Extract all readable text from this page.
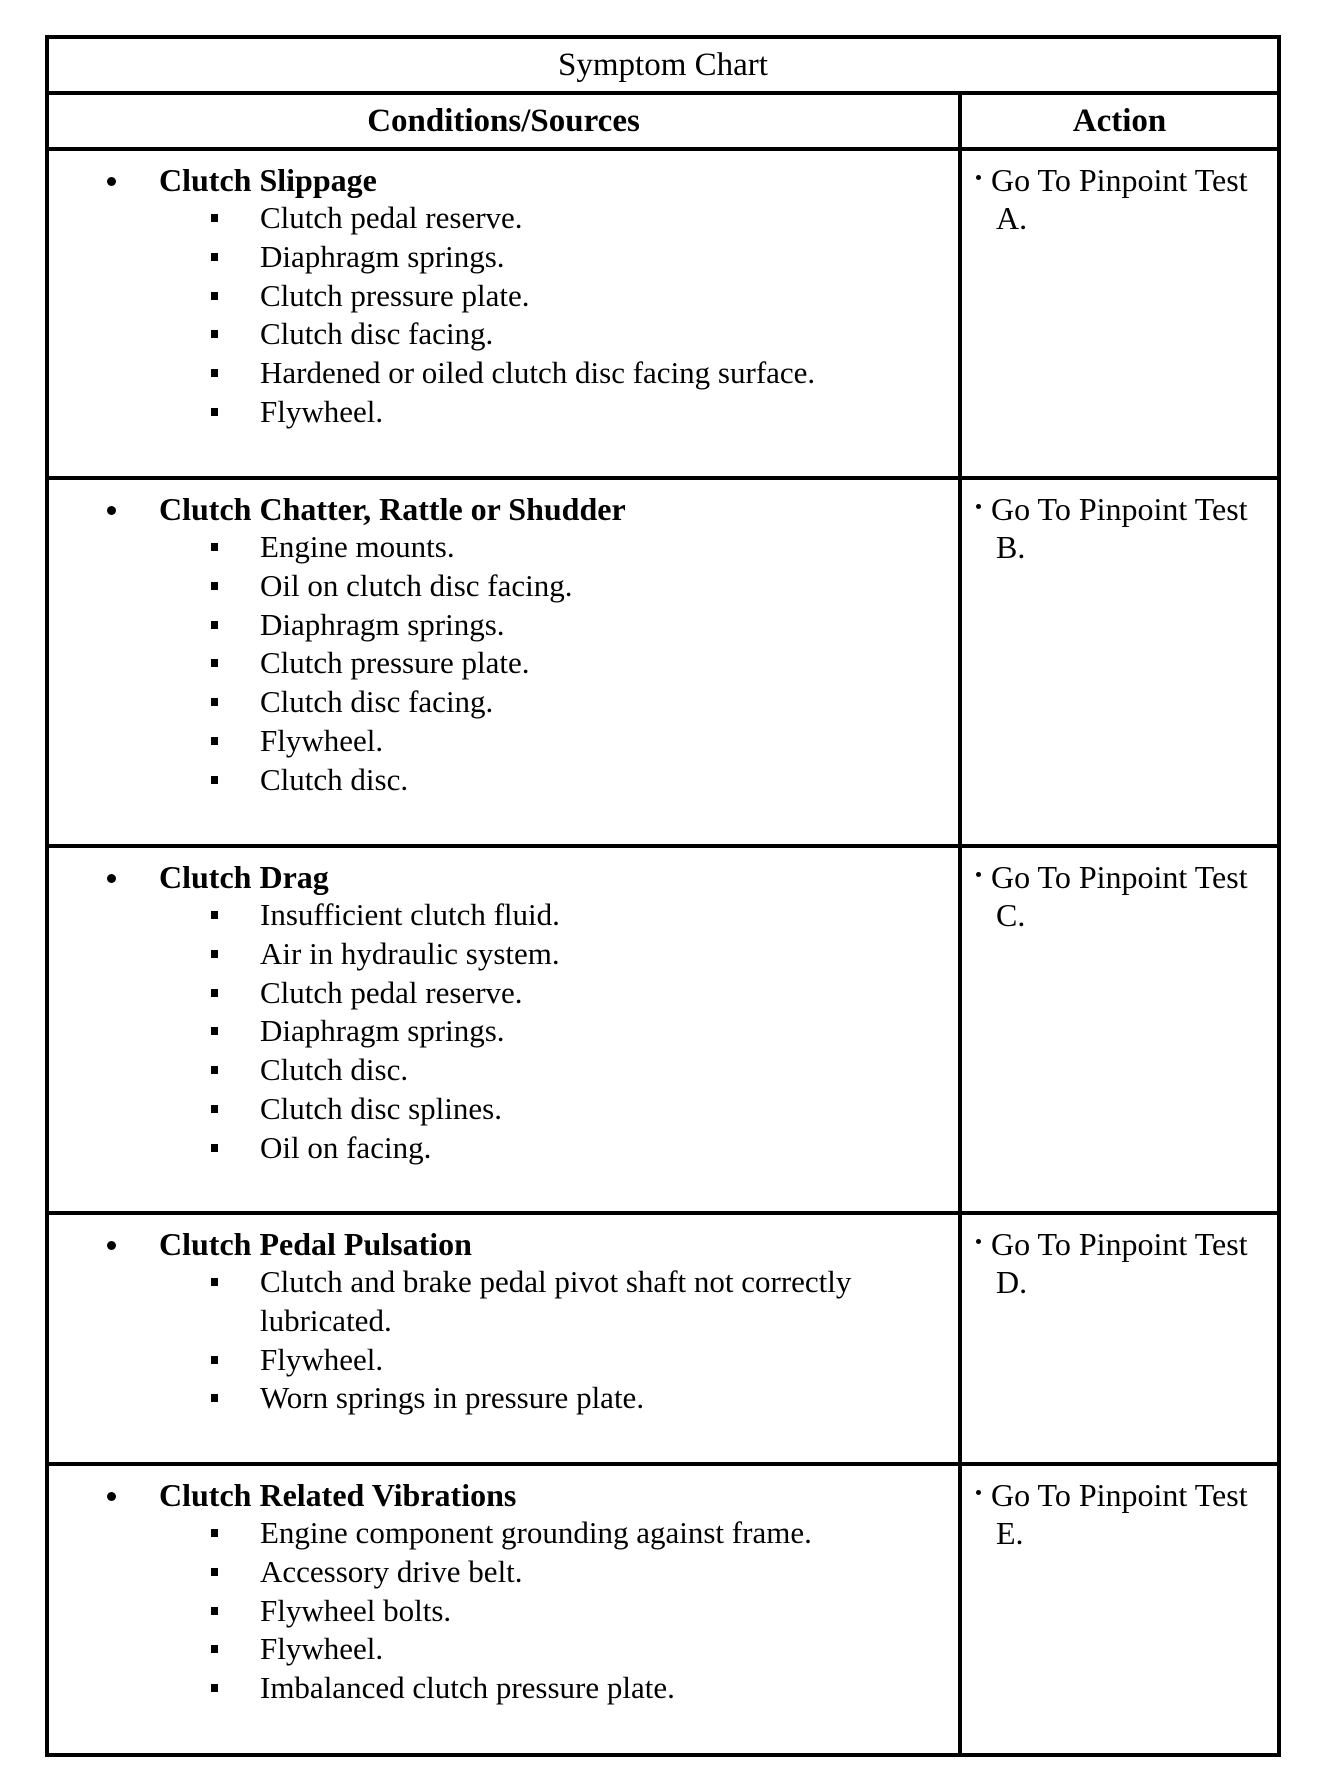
Symptom Chart
Conditions/Sources	Action
Clutch Slippage
Clutch pedal reserve.
Diaphragm springs.
Clutch pressure plate.
Clutch disc facing.
Hardened or oiled clutch disc facing surface.
Flywheel.
Go To Pinpoint Test
A.
Clutch Chatter, Rattle or Shudder
Engine mounts.
Oil on clutch disc facing.
Diaphragm springs.
Clutch pressure plate.
Clutch disc facing.
Flywheel.
Clutch disc.
Go To Pinpoint Test
B.
Clutch Drag
Insufficient clutch fluid.
Air in hydraulic system.
Clutch pedal reserve.
Diaphragm springs.
Clutch disc.
Clutch disc splines.
Oil on facing.
Go To Pinpoint Test
C.
Clutch Pedal Pulsation
Clutch and brake pedal pivot shaft not correctly lubricated.
Flywheel.
Worn springs in pressure plate.
Go To Pinpoint Test
D.
Clutch Related Vibrations
Engine component grounding against frame.
Accessory drive belt.
Flywheel bolts.
Flywheel.
Imbalanced clutch pressure plate.
Go To Pinpoint Test
E.
